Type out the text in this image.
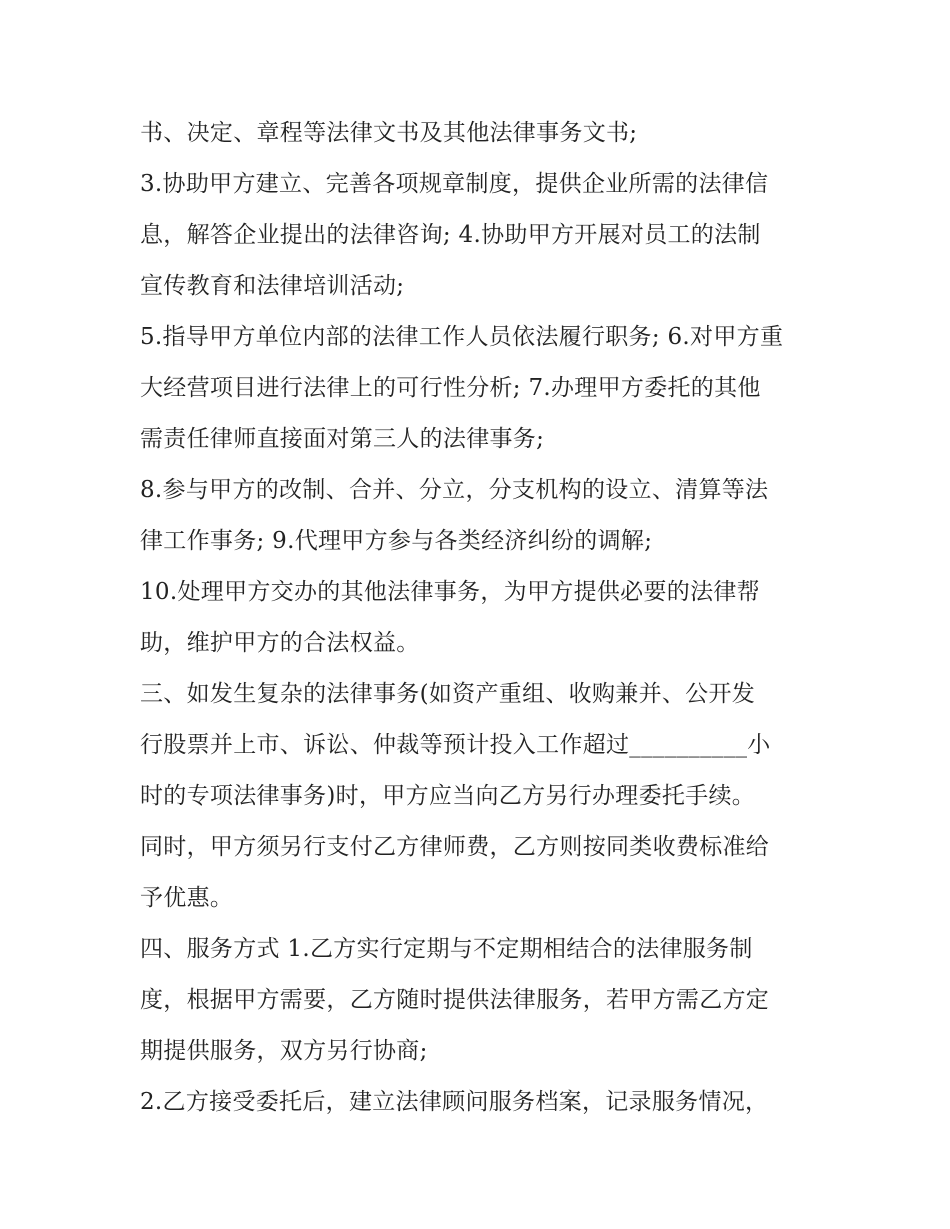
书、决定、章程等法律文书及其他法律事务文书;
3.协助甲方建立、完善各项规章制度，提供企业所需的法律信
息，解答企业提出的法律咨询; 4.协助甲方开展对员工的法制
宣传教育和法律培训活动;
5.指导甲方单位内部的法律工作人员依法履行职务; 6.对甲方重
大经营项目进行法律上的可行性分析; 7.办理甲方委托的其他
需责任律师直接面对第三人的法律事务;
8.参与甲方的改制、合并、分立，分支机构的设立、清算等法
律工作事务; 9.代理甲方参与各类经济纠纷的调解;
10.处理甲方交办的其他法律事务，为甲方提供必要的法律帮
助，维护甲方的合法权益。
三、如发生复杂的法律事务(如资产重组、收购兼并、公开发
行股票并上市、诉讼、仲裁等预计投入工作超过__________小
时的专项法律事务)时，甲方应当向乙方另行办理委托手续。
同时，甲方须另行支付乙方律师费，乙方则按同类收费标准给
予优惠。
四、服务方式 1.乙方实行定期与不定期相结合的法律服务制
度，根据甲方需要，乙方随时提供法律服务，若甲方需乙方定
期提供服务，双方另行协商;
2.乙方接受委托后，建立法律顾问服务档案，记录服务情况，
